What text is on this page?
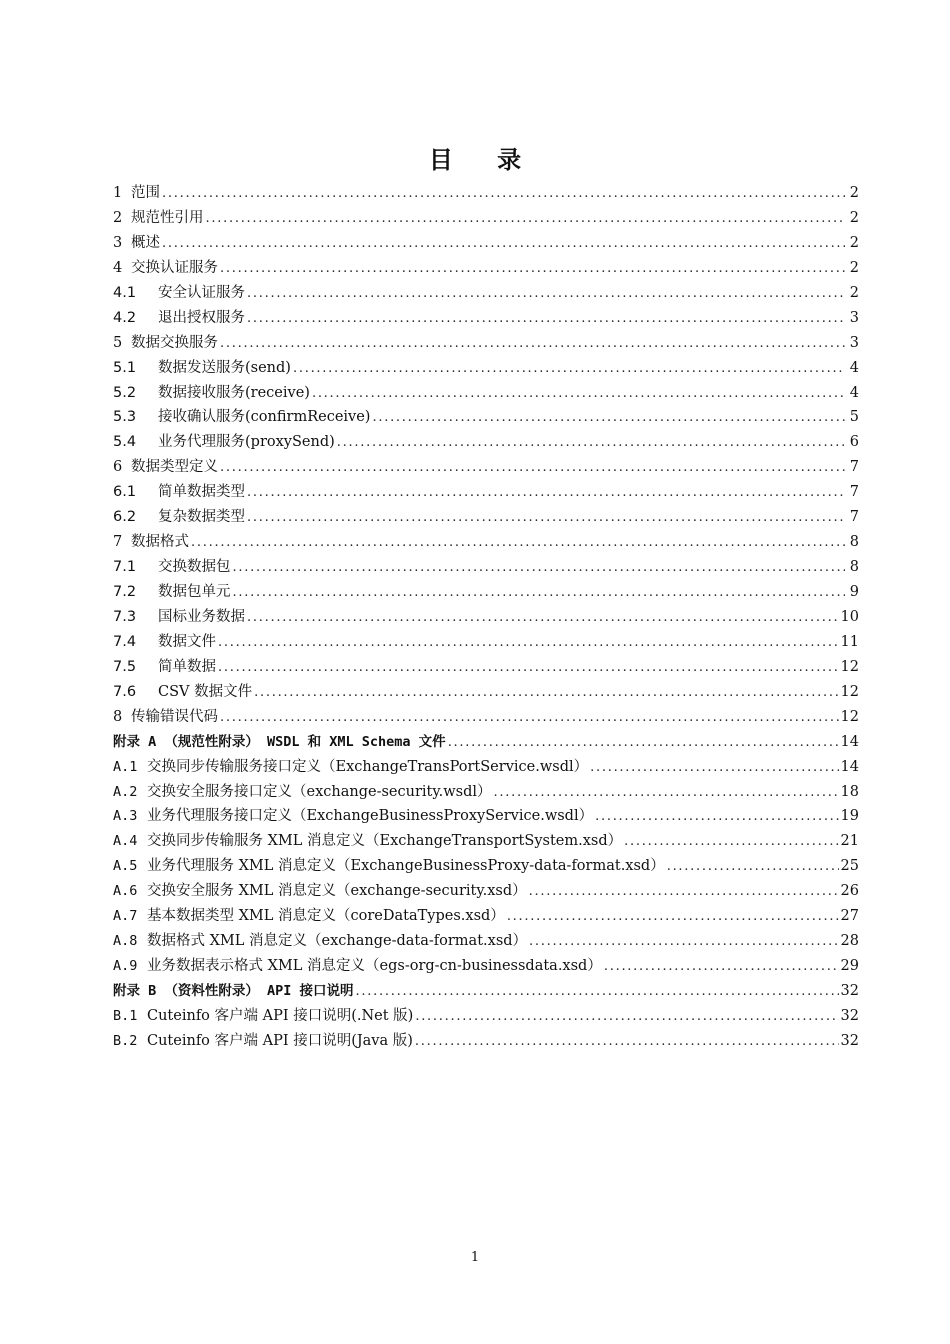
目 录
1 范围 . . .	2
2 规范性引用 . . .	2
3 概述 . . .	2
4 交换认证服务 . . .	2
4.1	安全认证服务 . . .	2
4.2	退出授权服务 . . .	3
5 数据交换服务 . . .	3
5.1	数据发送服务(send) . . .	4
5.2	数据接收服务(receive) . . .	4
5.3	接收确认服务(confirmReceive) . . .	5
5.4	业务代理服务(proxySend) . . .	6
6 数据类型定义 . . .	7
6.1	简单数据类型 . . .	7
6.2	复杂数据类型 . . .	7
7 数据格式 . . .	8
7.1	交换数据包 . . .	8
7.2	数据包单元 . . .	9
7.3	国标业务数据 . . .	10
7.4	数据文件 . . .	11
7.5	简单数据 . . .	12
7.6	CSV 数据文件 . . .	12
8 传输错误代码 . . .	12
附录 A （规范性附录） WSDL 和 XML Schema 文件 . . .	14
A.1 交换同步传输服务接口定义（ExchangeTransPortService.wsdl） . . .	14
A.2 交换安全服务接口定义（exchange-security.wsdl） . . .	18
A.3 业务代理服务接口定义（ExchangeBusinessProxyService.wsdl） . . .	19
A.4 交换同步传输服务 XML 消息定义（ExchangeTransportSystem.xsd） . . .	21
A.5 业务代理服务 XML 消息定义（ExchangeBusinessProxy-data-format.xsd） . . .	25
A.6 交换安全服务 XML 消息定义（exchange-security.xsd） . . .	26
A.7 基本数据类型 XML 消息定义（coreDataTypes.xsd） . . .	27
A.8 数据格式 XML 消息定义（exchange-data-format.xsd） . . .	28
A.9 业务数据表示格式 XML 消息定义（egs-org-cn-businessdata.xsd） . . .	29
附录 B （资料性附录） API 接口说明 . . .	32
B.1 Cuteinfo 客户端 API 接口说明(.Net 版) . . .	32
B.2 Cuteinfo 客户端 API 接口说明(Java 版) . . .	32
1
